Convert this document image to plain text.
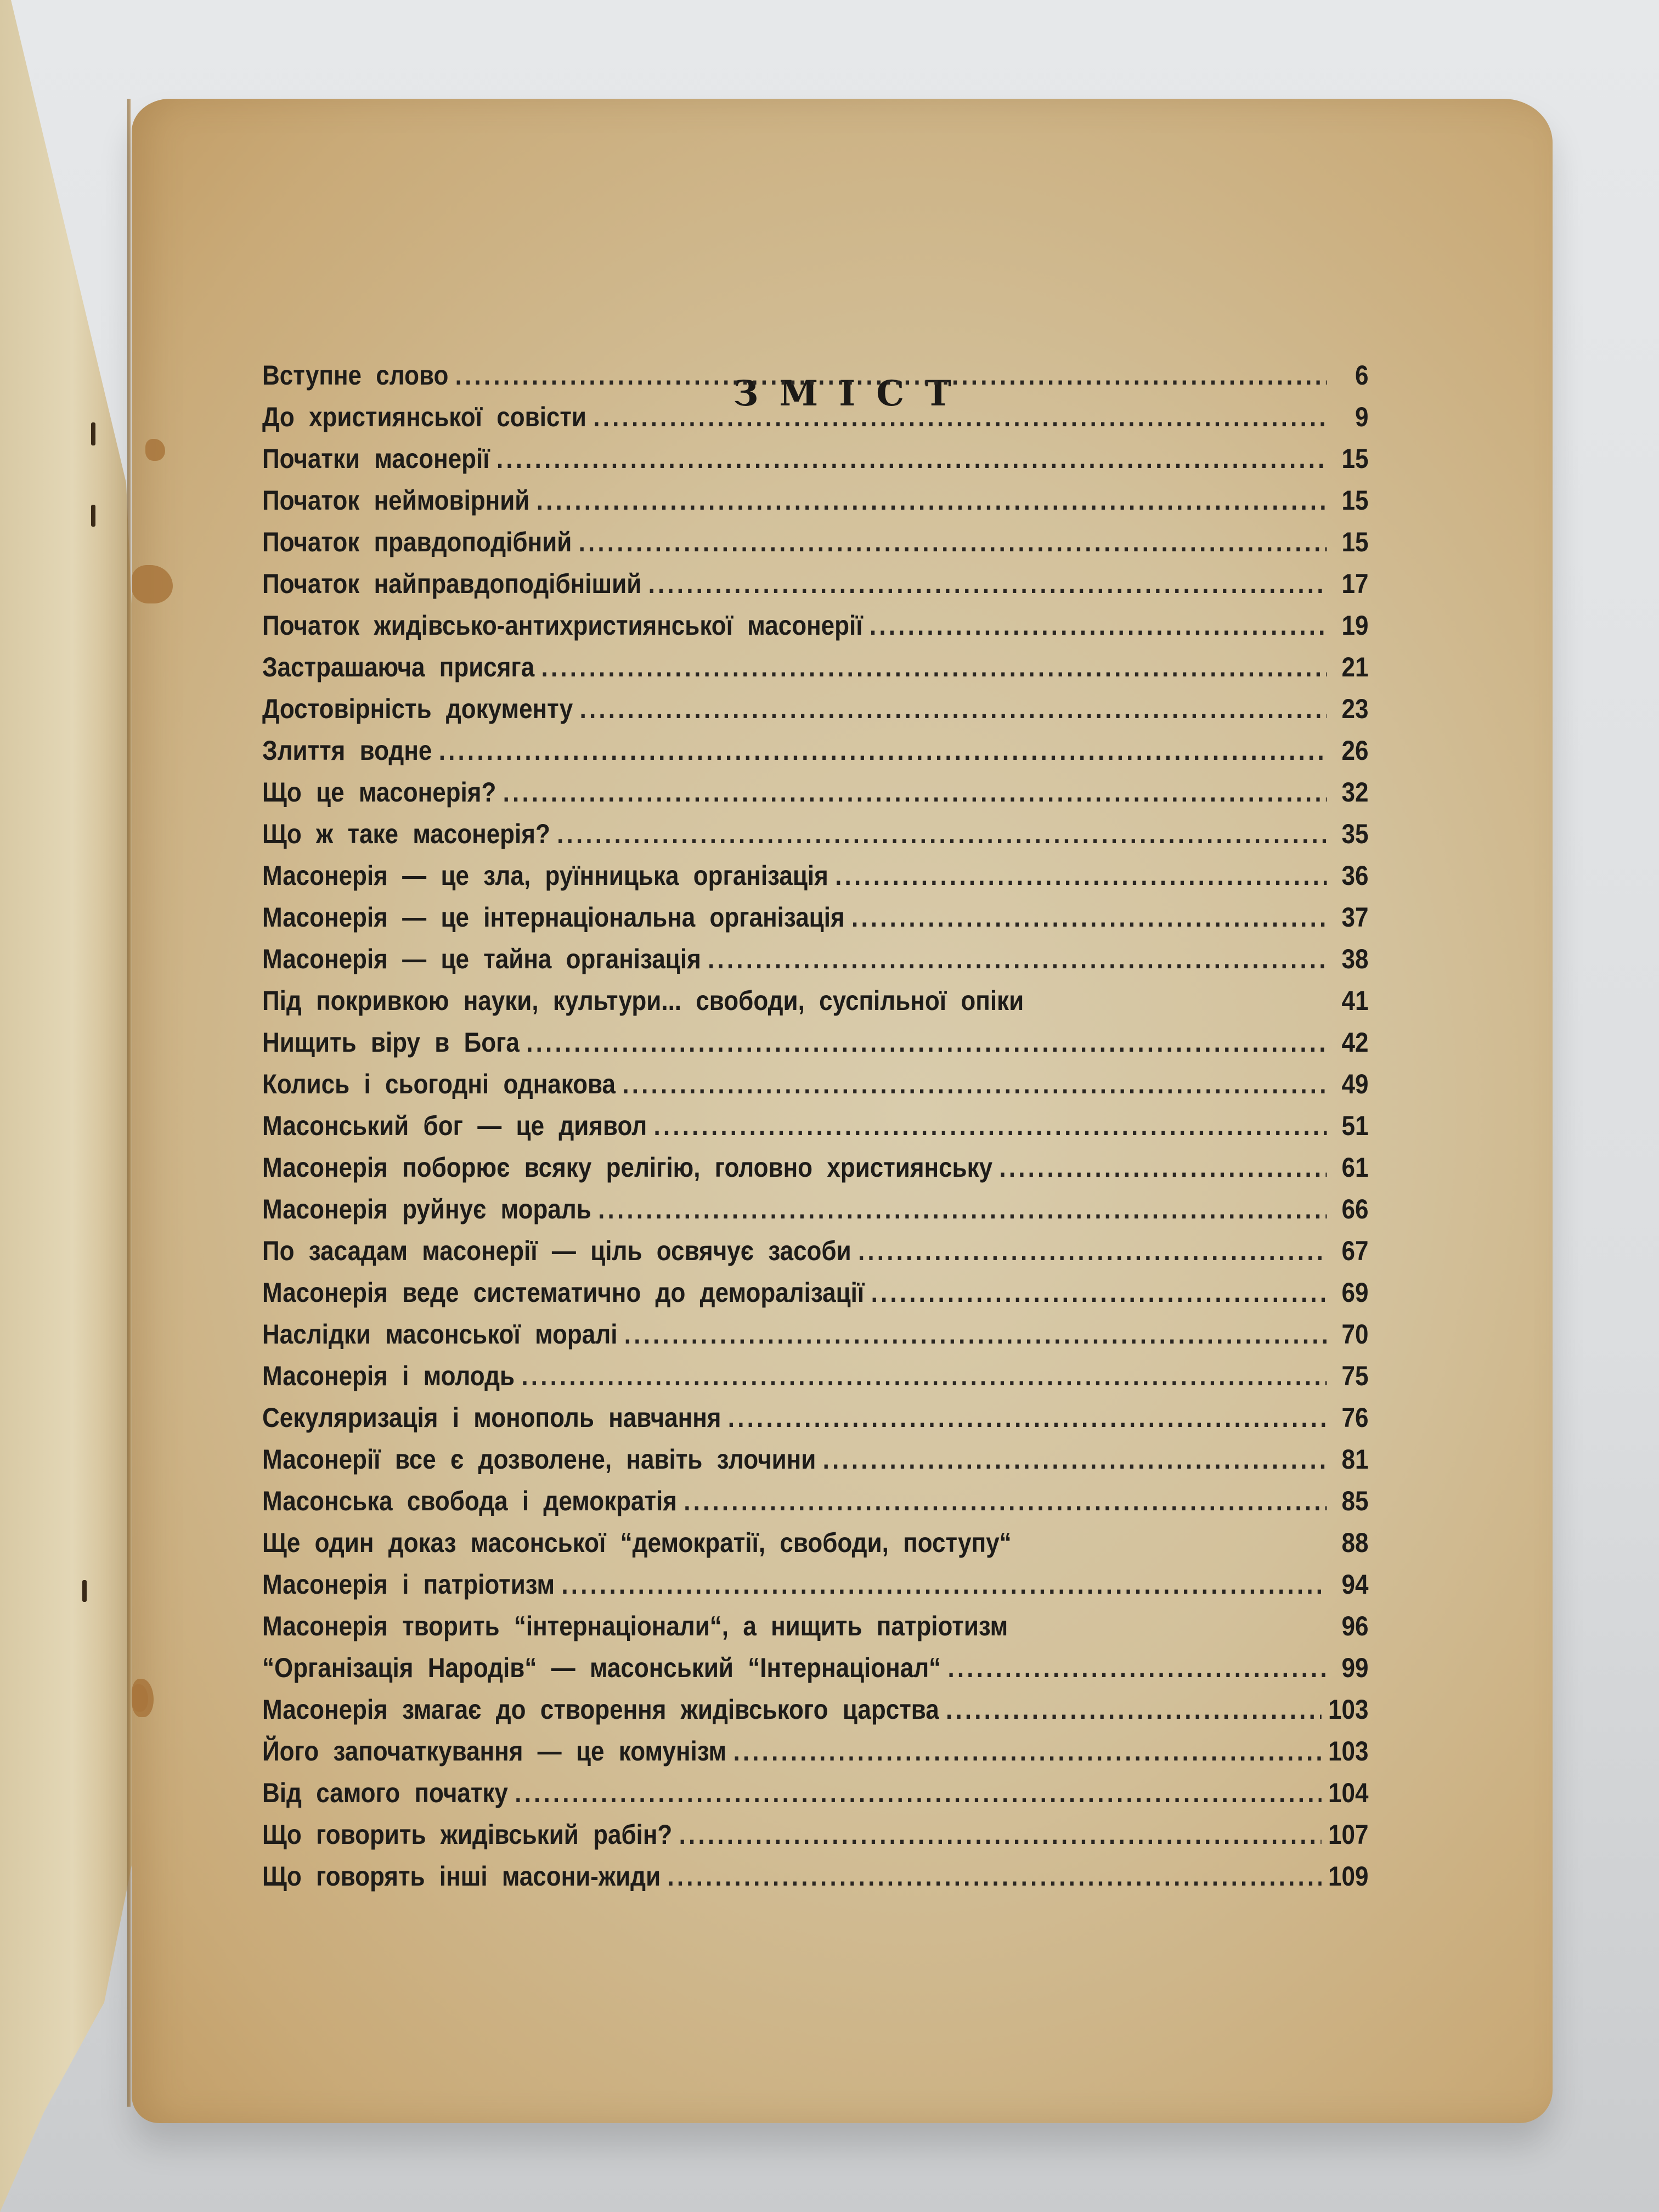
ЗМІСТ
Вступне слово . . .	6
До християнської совісти . . .	9
Початки масонерії . . .	15
Початок неймовірний . . .	15
Початок правдоподібний . . .	15
Початок найправдоподібніший . . .	17
Початок жидівсько-антихристиянської масонерії . . .	19
Застрашаюча присяга . . .	21
Достовірність документу . . .	23
Злиття водне . . .	26
Що це масонерія? . . .	32
Що ж таке масонерія? . . .	35
Масонерія — це зла, руїнницька організація . . .	36
Масонерія — це інтернаціональна організація . . .	37
Масонерія — це тайна організація . . .	38
Під покривкою науки, культури... свободи, суспільної опіки	41
Нищить віру в Бога . . .	42
Колись і сьогодні однакова . . .	49
Масонський бог — це диявол . . .	51
Масонерія поборює всяку релігію, головно християнську . . .	61
Масонерія руйнує мораль . . .	66
По засадам масонерії — ціль освячує засоби . . .	67
Масонерія веде систематично до деморалізації . . .	69
Наслідки масонської моралі . . .	70
Масонерія і молодь . . .	75
Секуляризація і монополь навчання . . .	76
Масонерії все є дозволене, навіть злочини . . .	81
Масонська свобода і демократія . . .	85
Ще один доказ масонської “демократії, свободи, поступу“	88
Масонерія і патріотизм . . .	94
Масонерія творить “інтернаціонали“, а нищить патріотизм	96
“Організація Народів“ — масонський “Інтернаціонал“ . . .	99
Масонерія змагає до створення жидівського царства . . .	103
Його започаткування — це комунізм . . .	103
Від самого початку . . .	104
Що говорить жидівський рабін? . . .	107
Що говорять інші масони-жиди . . .	109
